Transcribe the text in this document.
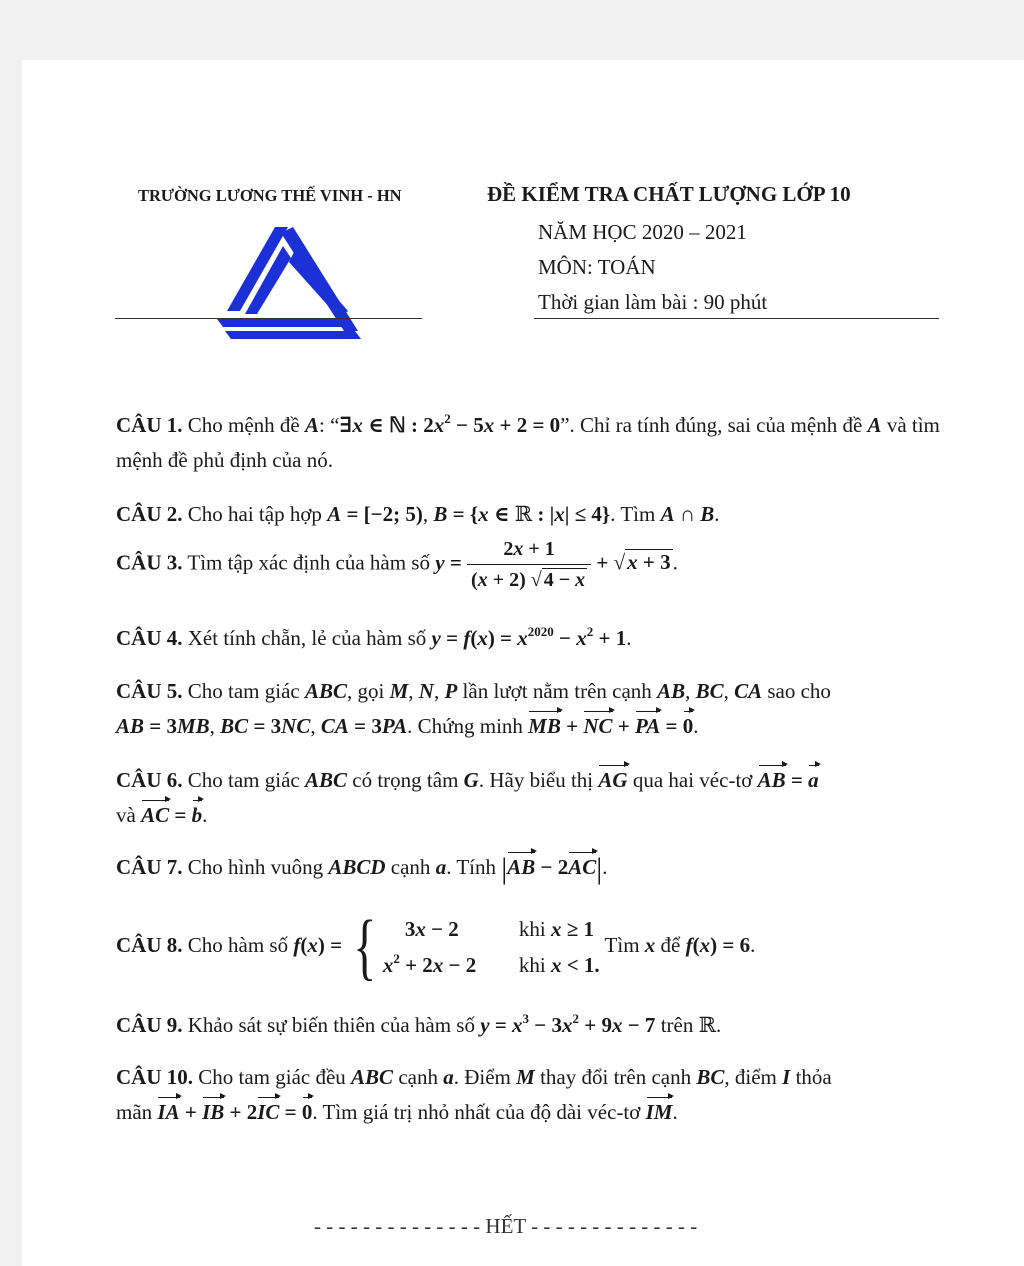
TRƯỜNG LƯƠNG THẾ VINH - HN	ĐỀ KIỂM TRA CHẤT LƯỢNG LỚP 10
NĂM HỌC 2020 – 2021
MÔN: TOÁN
Thời gian làm bài : 90 phút
CÂU 1. Cho mệnh đề A: “∃x ∈ ℕ : $2x^2 - 5x + 2 = 0$”. Chỉ ra tính đúng, sai của mệnh đề A và tìm mệnh đề phủ định của nó.
CÂU 2. Cho hai tập hợp A = [−2; 5), B = {x ∈ ℝ : |x| ≤ 4}. Tìm A ∩ B.
CÂU 3. Tìm tập xác định của hàm số $y = \frac{2x + 1}{(x + 2) √ 4 - x} + √x + 3$.
CÂU 4. Xét tính chẵn, lẻ của hàm số $y = f(x) = x^{2020} - x^2 + 1$.
CÂU 5. Cho tam giác ABC, gọi M, N, P lần lượt nằm trên cạnh AB, BC, CA sao cho
AB = 3MB, BC = 3NC, CA = 3PA. Chứng minh MB + NC + PA = 0.
CÂU 6. Cho tam giác ABC có trọng tâm G. Hãy biểu thị AG qua hai véc-tơ AB = a
và AC = b.
CÂU 7. Cho hình vuông ABCD cạnh a. Tính |AB − 2AC|.
CÂU 8. Cho hàm số f(x) = { 3x − 2	khi x ≥ 1
$x^2 + 2x - 2$ khi x < 1. Tìm x để f(x) = 6.
CÂU 9. Khảo sát sự biến thiên của hàm số $y = x^3 - 3x^2 + 9x - 7$ trên ℝ.
CÂU 10. Cho tam giác đều ABC cạnh a. Điểm M thay đổi trên cạnh BC, điểm I thỏa
mãn IA + IB + 2IC = 0. Tìm giá trị nhỏ nhất của độ dài véc-tơ IM.
- - - - - - - - - - - - - - HẾT - - - - - - - - - - - - - -
